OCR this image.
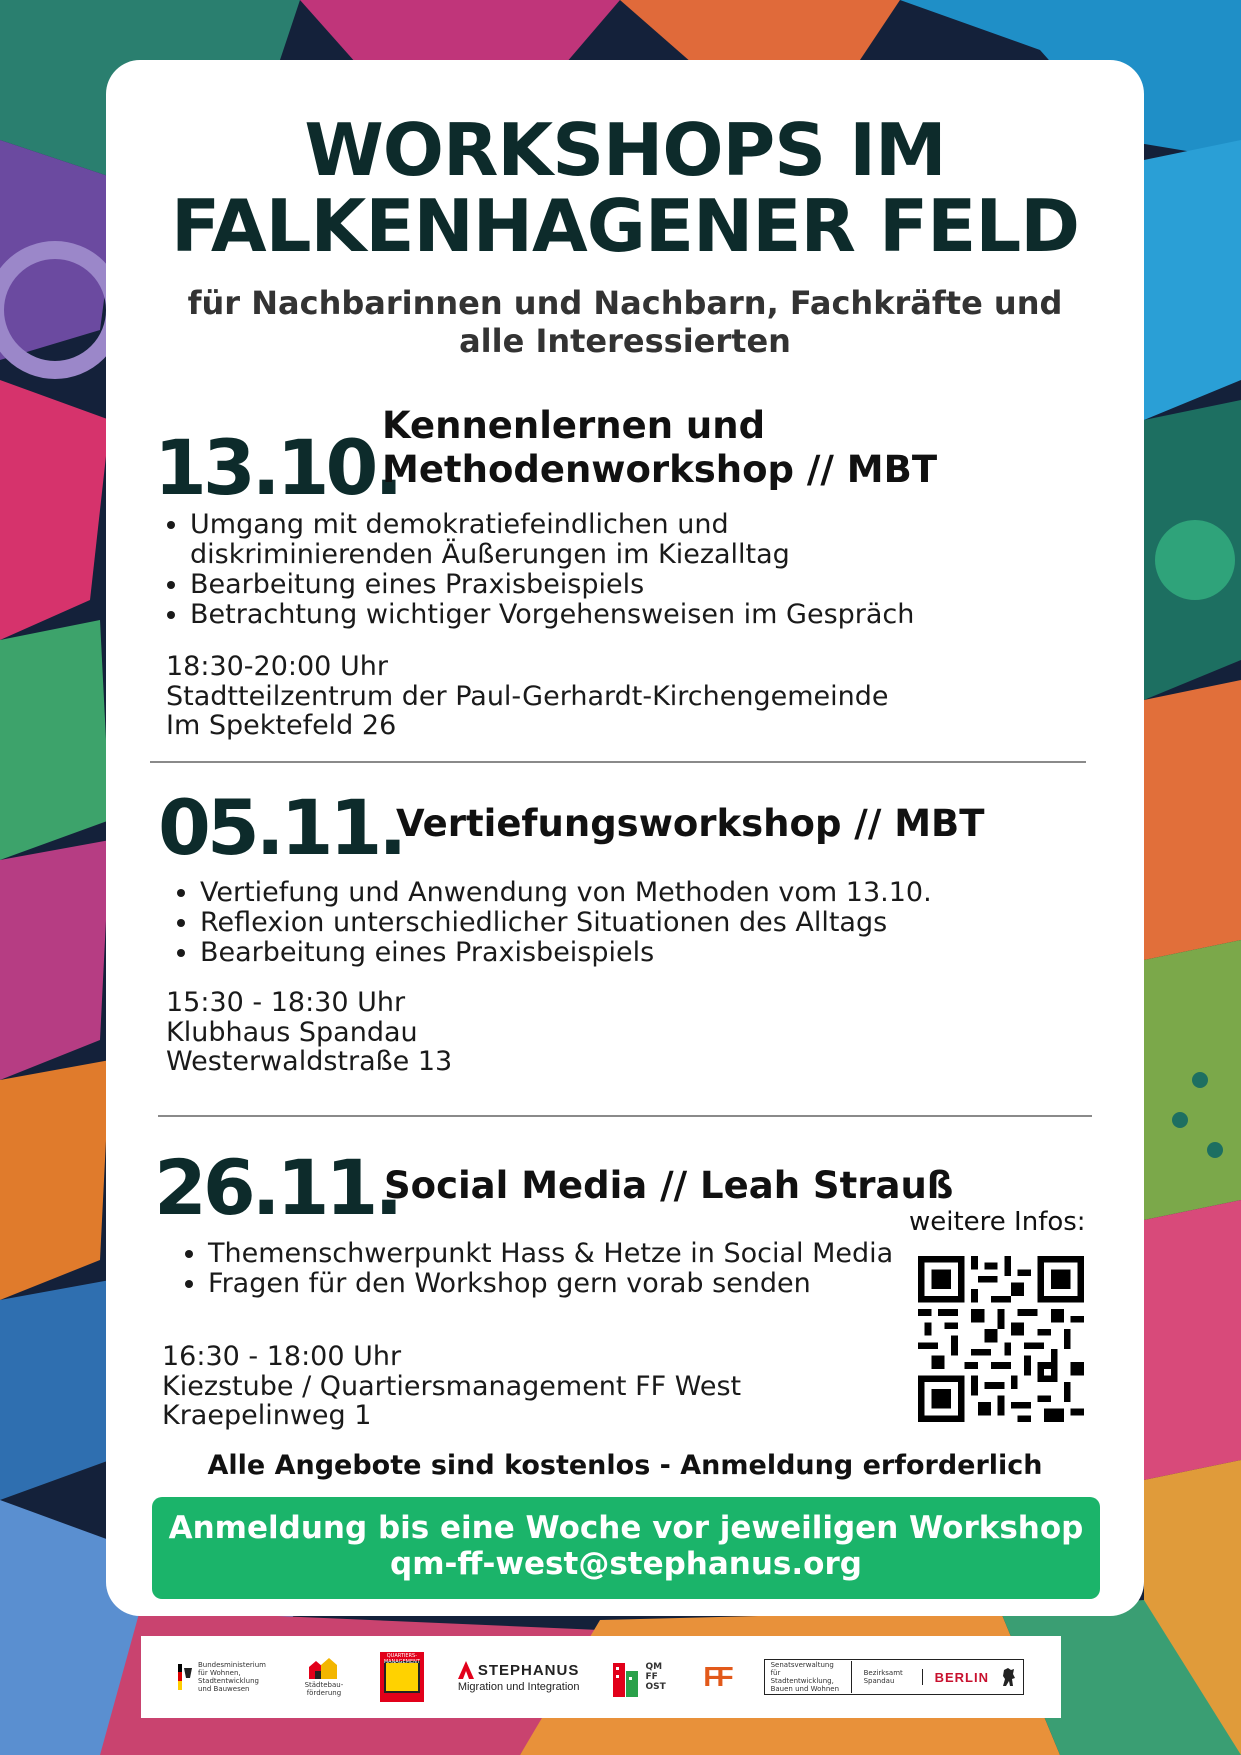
WORKSHOPS IM
FALKENHAGENER FELD
für Nachbarinnen und Nachbarn, Fachkräfte und
alle Interessierten
13.10.
Kennenlernen und
Methodenworkshop // MBT
• Umgang mit demokratiefeindlichen und diskriminierenden Äußerungen im Kiezalltag
• Bearbeitung eines Praxisbeispiels
• Betrachtung wichtiger Vorgehensweisen im Gespräch
18:30-20:00 Uhr
Stadtteilzentrum der Paul-Gerhardt-Kirchengemeinde
Im Spektefeld 26
05.11.
Vertiefungsworkshop // MBT
• Vertiefung und Anwendung von Methoden vom 13.10.
• Reflexion unterschiedlicher Situationen des Alltags
• Bearbeitung eines Praxisbeispiels
15:30 - 18:30 Uhr
Klubhaus Spandau
Westerwaldstraße 13
26.11.
Social Media // Leah Strauß
• Themenschwerpunkt Hass & Hetze in Social Media
• Fragen für den Workshop gern vorab senden
16:30 - 18:00 Uhr
Kiezstube / Quartiersmanagement FF West
Kraepelinweg 1
weitere Infos:
Alle Angebote sind kostenlos - Anmeldung erforderlich
Anmeldung bis eine Woche vor jeweiligen Workshop
qm-ff-west@stephanus.org
Bundesministerium für Wohnen, Stadtentwicklung und Bauwesen	Städtebau-förderung
QUARTIERS-MANAGEMENT	STEPHANUS
Migration und Integration
QM FF OST FF	Senatsverwaltung für Stadtentwicklung, Bauen und Wohnen
Bezirksamt Spandau	BERLIN
